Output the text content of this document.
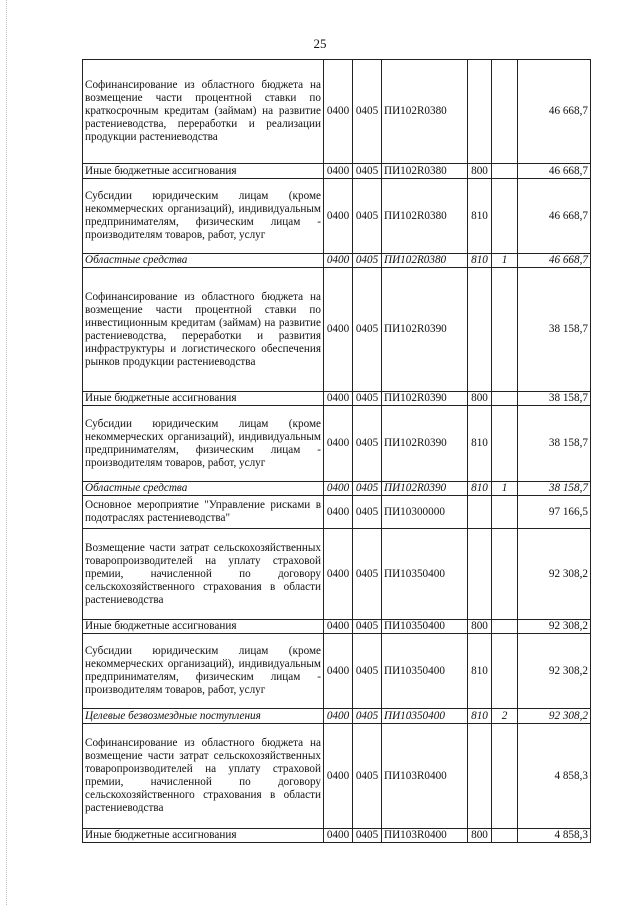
25
Софинансирование из областного бюджета на возмещение части процентной ставки по краткосрочным кредитам (займам) на развитие растениеводства, переработки и реализации продукции растениеводства	0400	0405	ПИ102R0380			46 668,7
Иные бюджетные ассигнования	0400	0405	ПИ102R0380	800		46 668,7
Субсидии юридическим лицам (кроме некоммерческих организаций), индивидуальным предпринимателям, физическим лицам - производителям товаров, работ, услуг	0400	0405	ПИ102R0380	810		46 668,7
Областные средства	0400	0405	ПИ102R0380	810	1	46 668,7
Софинансирование из областного бюджета на возмещение части процентной ставки по инвестиционным кредитам (займам) на развитие растениеводства, переработки и развития инфраструктуры и логистического обеспечения рынков продукции растениеводства	0400	0405	ПИ102R0390			38 158,7
Иные бюджетные ассигнования	0400	0405	ПИ102R0390	800		38 158,7
Субсидии юридическим лицам (кроме некоммерческих организаций), индивидуальным предпринимателям, физическим лицам - производителям товаров, работ, услуг	0400	0405	ПИ102R0390	810		38 158,7
Областные средства	0400	0405	ПИ102R0390	810	1	38 158,7
Основное мероприятие "Управление рисками в подотраслях растениеводства"	0400	0405	ПИ10300000			97 166,5
Возмещение части затрат сельскохозяйственных товаропроизводителей на уплату страховой премии, начисленной по договору сельскохозяйственного страхования в области растениеводства	0400	0405	ПИ10350400			92 308,2
Иные бюджетные ассигнования	0400	0405	ПИ10350400	800		92 308,2
Субсидии юридическим лицам (кроме некоммерческих организаций), индивидуальным предпринимателям, физическим лицам - производителям товаров, работ, услуг	0400	0405	ПИ10350400	810		92 308,2
Целевые безвозмездные поступления	0400	0405	ПИ10350400	810	2	92 308,2
Софинансирование из областного бюджета на возмещение части затрат сельскохозяйственных товаропроизводителей на уплату страховой премии, начисленной по договору сельскохозяйственного страхования в области растениеводства	0400	0405	ПИ103R0400			4 858,3
Иные бюджетные ассигнования	0400	0405	ПИ103R0400	800		4 858,3
